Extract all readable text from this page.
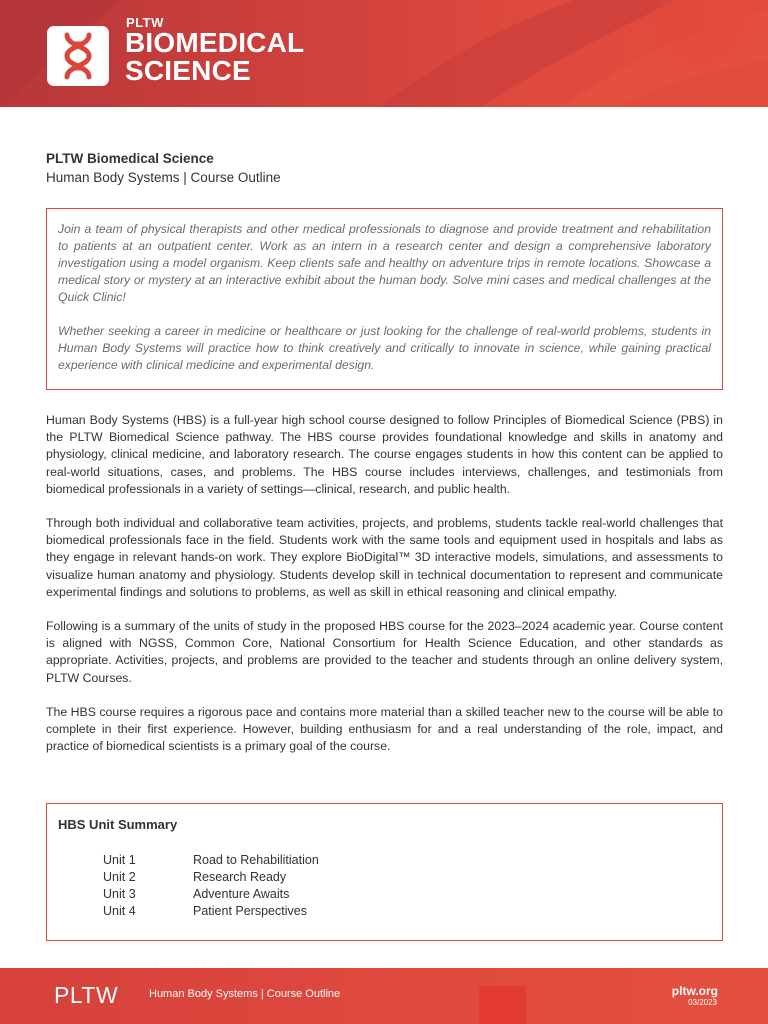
PLTW
BIOMEDICAL
SCIENCE
PLTW Biomedical Science
Human Body Systems | Course Outline

Join a team of physical therapists and other medical professionals to diagnose and provide treatment and rehabilitation to patients at an outpatient center. Work as an intern in a research center and design a comprehensive laboratory investigation using a model organism. Keep clients safe and healthy on adventure trips in remote locations. Showcase a medical story or mystery at an interactive exhibit about the human body. Solve mini cases and medical challenges at the Quick Clinic!

Whether seeking a career in medicine or healthcare or just looking for the challenge of real-world problems, students in Human Body Systems will practice how to think creatively and critically to innovate in science, while gaining practical experience with clinical medicine and experimental design.

Human Body Systems (HBS) is a full-year high school course designed to follow Principles of Biomedical Science (PBS) in the PLTW Biomedical Science pathway. The HBS course provides foundational knowledge and skills in anatomy and physiology, clinical medicine, and laboratory research. The course engages students in how this content can be applied to real-world situations, cases, and problems. The HBS course includes interviews, challenges, and testimonials from biomedical professionals in a variety of settings—clinical, research, and public health.

Through both individual and collaborative team activities, projects, and problems, students tackle real-world challenges that biomedical professionals face in the field. Students work with the same tools and equipment used in hospitals and labs as they engage in relevant hands-on work. They explore BioDigital™ 3D interactive models, simulations, and assessments to visualize human anatomy and physiology. Students develop skill in technical documentation to represent and communicate experimental findings and solutions to problems, as well as skill in ethical reasoning and clinical empathy.

Following is a summary of the units of study in the proposed HBS course for the 2023–2024 academic year. Course content is aligned with NGSS, Common Core, National Consortium for Health Science Education, and other standards as appropriate. Activities, projects, and problems are provided to the teacher and students through an online delivery system, PLTW Courses.

The HBS course requires a rigorous pace and contains more material than a skilled teacher new to the course will be able to complete in their first experience. However, building enthusiasm for and a real understanding of the role, impact, and practice of biomedical scientists is a primary goal of the course.

HBS Unit Summary
Unit 1	Road to Rehabilitiation
Unit 2	Research Ready
Unit 3	Adventure Awaits
Unit 4	Patient Perspectives
PLTW	Human Body Systems | Course Outline	pltw.org
03/2023
